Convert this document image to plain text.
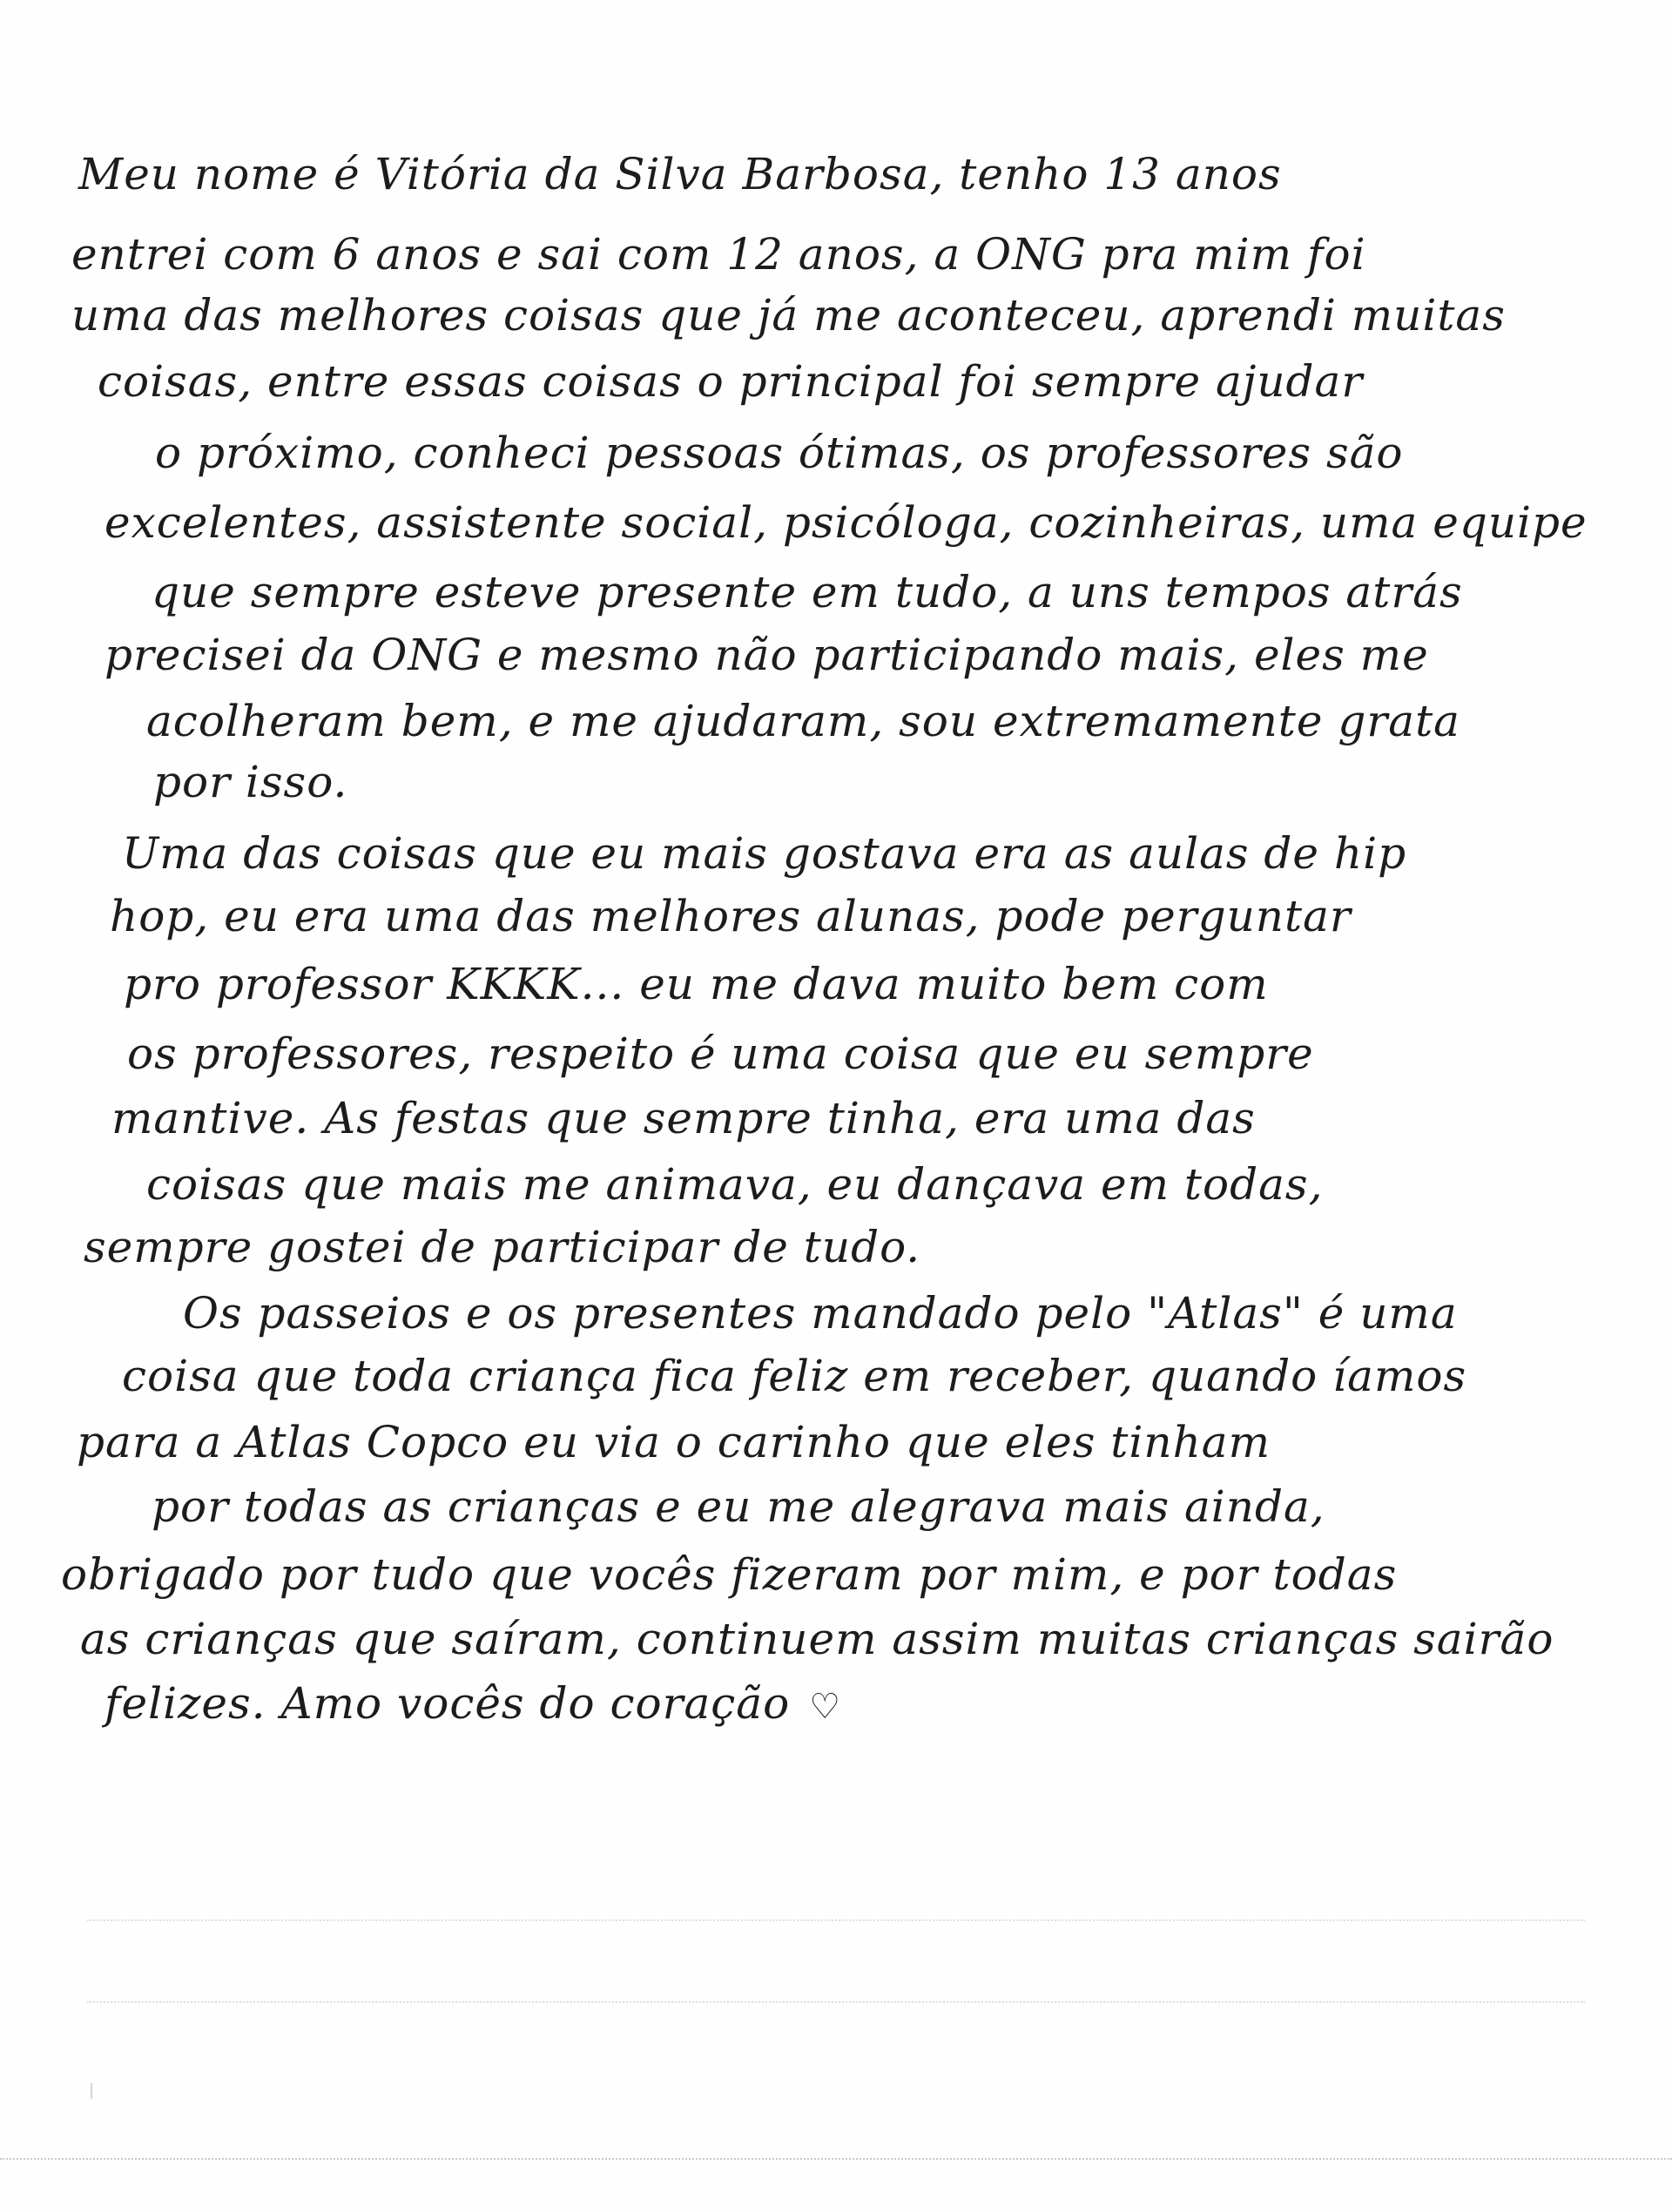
Meu nome é Vitória da Silva Barbosa, tenho 13 anos
entrei com 6 anos e sai com 12 anos, a ONG pra mim foi
uma das melhores coisas que já me aconteceu, aprendi muitas
coisas, entre essas coisas o principal foi sempre ajudar
o próximo, conheci pessoas ótimas, os professores são
excelentes, assistente social, psicóloga, cozinheiras, uma equipe
que sempre esteve presente em tudo, a uns tempos atrás
precisei da ONG e mesmo não participando mais, eles me
acolheram bem, e me ajudaram, sou extremamente grata
por isso.
Uma das coisas que eu mais gostava era as aulas de hip
hop, eu era uma das melhores alunas, pode perguntar
pro professor KKKK... eu me dava muito bem com
os professores, respeito é uma coisa que eu sempre
mantive. As festas que sempre tinha, era uma das
coisas que mais me animava, eu dançava em todas,
sempre gostei de participar de tudo.
Os passeios e os presentes mandado pelo "Atlas" é uma
coisa que toda criança fica feliz em receber, quando íamos
para a Atlas Copco eu via o carinho que eles tinham
por todas as crianças e eu me alegrava mais ainda,
obrigado por tudo que vocês fizeram por mim, e por todas
as crianças que saíram, continuem assim muitas crianças sairão
felizes. Amo vocês do coração ♡
